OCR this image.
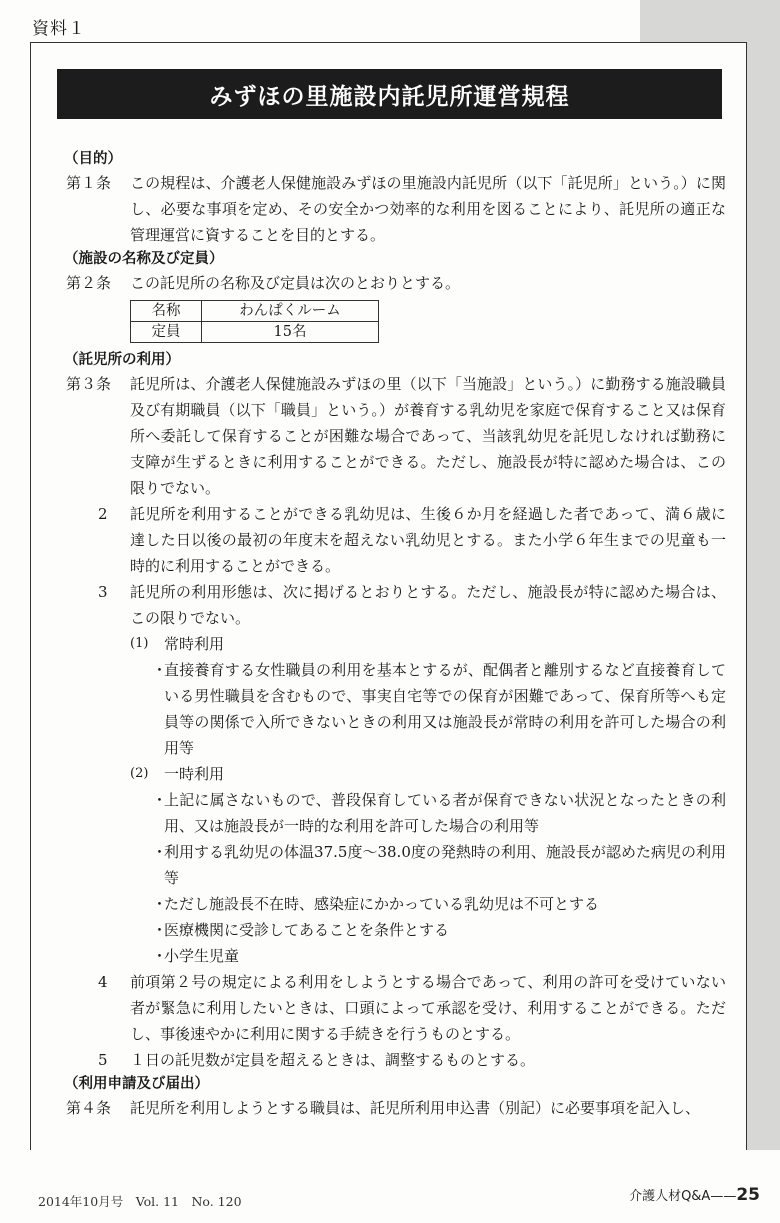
資料１
みずほの里施設内託児所運営規程
（目的）
第１条	この規程は、介護老人保健施設みずほの里施設内託児所（以下「託児所」という。）に関し、必要な事項を定め、その安全かつ効率的な利用を図ることにより、託児所の適正な管理運営に資することを目的とする。
（施設の名称及び定員）
第２条	この託児所の名称及び定員は次のとおりとする。
名称	わんぱくルーム
定員	15名
（託児所の利用）
第３条	託児所は、介護老人保健施設みずほの里（以下「当施設」という。）に勤務する施設職員及び有期職員（以下「職員」という。）が養育する乳幼児を家庭で保育すること又は保育所へ委託して保育することが困難な場合であって、当該乳幼児を託児しなければ勤務に支障が生ずるときに利用することができる。ただし、施設長が特に認めた場合は、この限りでない。
2 託児所を利用することができる乳幼児は、生後６か月を経過した者であって、満６歳に達した日以後の最初の年度末を超えない乳幼児とする。また小学６年生までの児童も一時的に利用することができる。
3 託児所の利用形態は、次に掲げるとおりとする。ただし、施設長が特に認めた場合は、この限りでない。
(1) 常時利用
・
直接養育する女性職員の利用を基本とするが、配偶者と離別するなど直接養育している男性職員を含むもので、事実自宅等での保育が困難であって、保育所等へも定員等の関係で入所できないときの利用又は施設長が常時の利用を許可した場合の利用等
(2) 一時利用
・
上記に属さないもので、普段保育している者が保育できない状況となったときの利用、又は施設長が一時的な利用を許可した場合の利用等
・
利用する乳幼児の体温37.5度～38.0度の発熱時の利用、施設長が認めた病児の利用等
・
ただし施設長不在時、感染症にかかっている乳幼児は不可とする
・
医療機関に受診してあることを条件とする
・
小学生児童
4 前項第２号の規定による利用をしようとする場合であって、利用の許可を受けていない者が緊急に利用したいときは、口頭によって承認を受け、利用することができる。ただし、事後速やかに利用に関する手続きを行うものとする。
5 １日の託児数が定員を超えるときは、調整するものとする。
（利用申請及び届出）
第４条	託児所を利用しようとする職員は、託児所利用申込書（別記）に必要事項を記入し、
2014年10月号　Vol. 11　No. 120	介護人材Q&A——25
